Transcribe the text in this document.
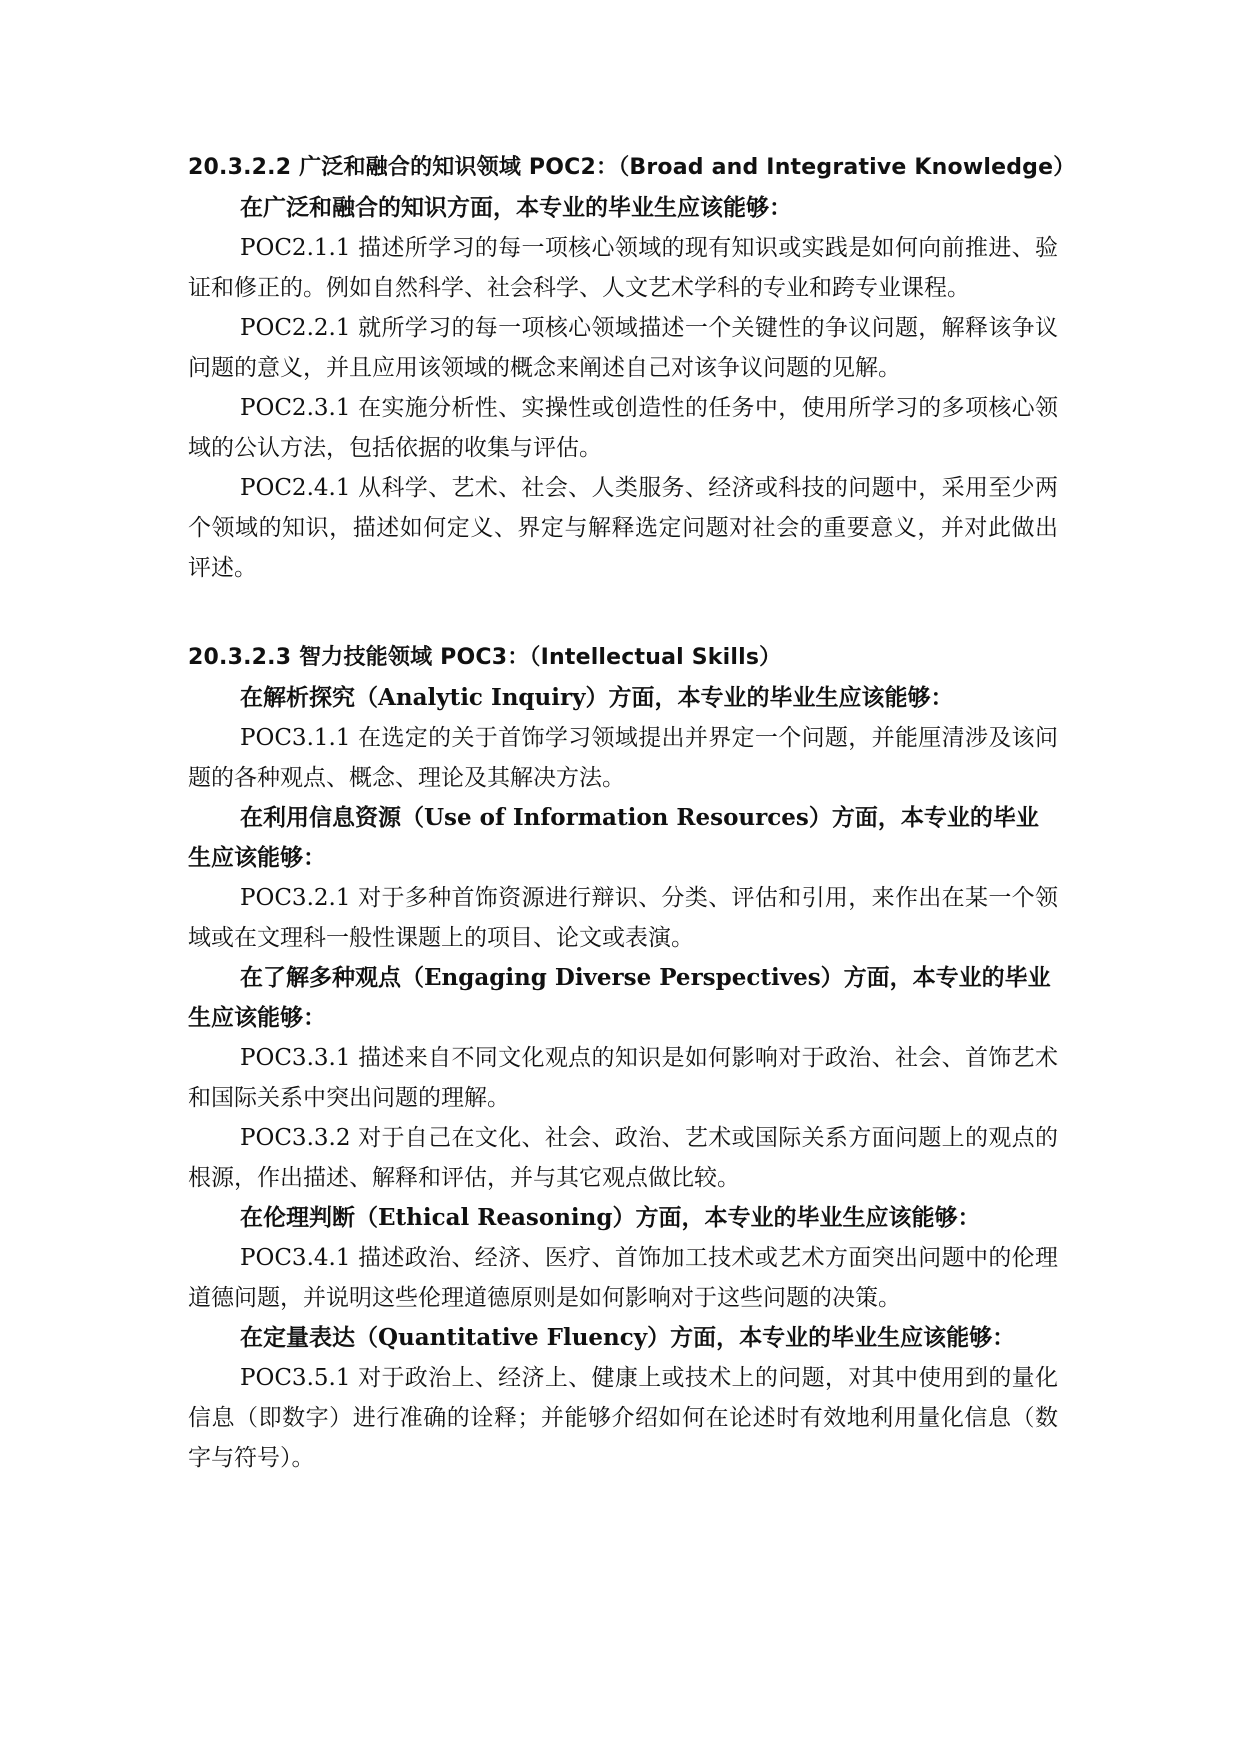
20.3.2.2 广泛和融合的知识领域 POC2：（Broad and Integrative Knowledge）

在广泛和融合的知识方面，本专业的毕业生应该能够：

POC2.1.1 描述所学习的每一项核心领域的现有知识或实践是如何向前推进、验证和修正的。例如自然科学、社会科学、人文艺术学科的专业和跨专业课程。

POC2.2.1 就所学习的每一项核心领域描述一个关键性的争议问题，解释该争议问题的意义，并且应用该领域的概念来阐述自己对该争议问题的见解。

POC2.3.1 在实施分析性、实操性或创造性的任务中，使用所学习的多项核心领域的公认方法，包括依据的收集与评估。

POC2.4.1 从科学、艺术、社会、人类服务、经济或科技的问题中，采用至少两个领域的知识，描述如何定义、界定与解释选定问题对社会的重要意义，并对此做出评述。

20.3.2.3 智力技能领域 POC3：（Intellectual Skills）

在解析探究（Analytic Inquiry）方面，本专业的毕业生应该能够：

POC3.1.1 在选定的关于首饰学习领域提出并界定一个问题，并能厘清涉及该问题的各种观点、概念、理论及其解决方法。

在利用信息资源（Use of Information Resources）方面，本专业的毕业生应该能够：

POC3.2.1 对于多种首饰资源进行辩识、分类、评估和引用，来作出在某一个领域或在文理科一般性课题上的项目、论文或表演。

在了解多种观点（Engaging Diverse Perspectives）方面，本专业的毕业生应该能够：

POC3.3.1 描述来自不同文化观点的知识是如何影响对于政治、社会、首饰艺术和国际关系中突出问题的理解。

POC3.3.2 对于自己在文化、社会、政治、艺术或国际关系方面问题上的观点的根源，作出描述、解释和评估，并与其它观点做比较。

在伦理判断（Ethical Reasoning）方面，本专业的毕业生应该能够：

POC3.4.1 描述政治、经济、医疗、首饰加工技术或艺术方面突出问题中的伦理道德问题，并说明这些伦理道德原则是如何影响对于这些问题的决策。

在定量表达（Quantitative Fluency）方面，本专业的毕业生应该能够：

POC3.5.1 对于政治上、经济上、健康上或技术上的问题，对其中使用到的量化信息（即数字）进行准确的诠释；并能够介绍如何在论述时有效地利用量化信息（数字与符号）。
